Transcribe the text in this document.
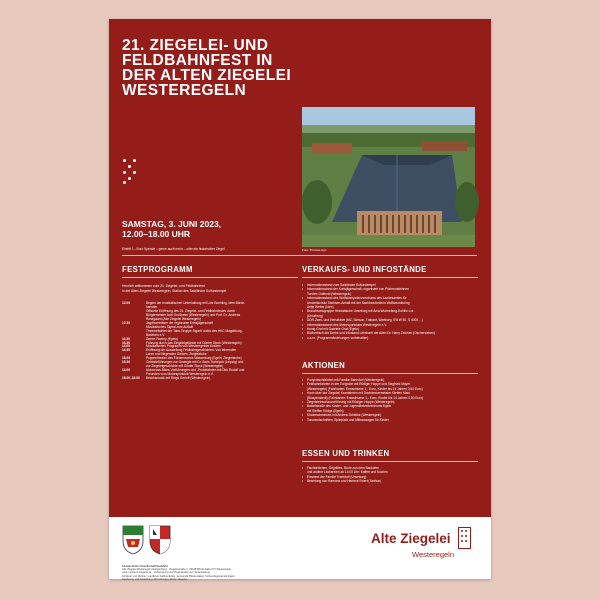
21. ZIEGELEI- UND
FELDBAHNFEST IN
DER ALTEN ZIEGELEI
WESTEREGELN
Foto: Thomas Ayn
SAMSTAG, 3. JUNI 2023,
12.00–18.00 UHR
Eintritt 1,- Euro Spende – gerne auch mehr – oder ein historischer Ziegel
FESTPROGRAMM
Herzlich willkommen zum 21. Ziegelei- und Feldbahnfest
in der Alten Ziegelei Westeregeln, Station des Salzländer Kulturstempel
12.00	Beginn der musikalischen Unterhaltung mit Lutz Boehling, dem Börde-
hanstler
Offizielle Eröffnung des 21. Ziegelei- und Feldbahnfestes durch
Bürgermeister Axel Großheim (Westeregeln) und Prof. Dr. Andreas
Rosegaard (Alte Ziegelei Westeregeln)
12.30	Jagdhornbläser der regionalen Kreisjägerschaft
Musikalisches Signal zum Auftakt
Trommelwirbel der Tabu-Gruppe Sigarb' dabis des HKC Magdeburg-
Barleben e.V.
13.30	Dance Factory (Egeln)
13.30	Führung durch das Ziegeleigelände mit Günter Stock (Westeregeln)
14.00	Musikalisches Programm von Westeregelner Kindern
14.30	Eröffnung der Ausstellung Feldbahngeschichten: Von fahrenden
Loren und fliegenden Gleisen. Ziegleistube
15.00	Puppentheater des Fördervereins Wasserburg (Egeln; Ziegleistube)
15.30	Geländeführungen zur Geologie mit Dr. Boris Tschepok (Leipzig) und
zur Ziegeleigeschichte mit Günter Stock (Westeregeln)
14.00	Motocross-Bikes-Vorführungen und -Probefahrten mit Dirk Rudolf und
Freunden vom Motorsportclub Westeregeln e.V.
16.00–18.00	Bezirksmusik mit Ringo Gerloff (Westeregeln)
VERKAUFS- UND INFOSTÄNDE
• Informationsstand zum Salzländer Kulturstempel
• Informationsstand der Kreisjägerschaft; organisiert von Pilzfreundeinnen
Torsten Gotthold (Westeregeln)
• Informationsstand des Wolfskompetenzzentrums des Landesamtes für
Umweltschutz Sachsen-Anhalt mit der Sachbearbeiterin Wolfsmonitoring
Antje Weber (Iden)
• Brauchtumsgruppe Heimatstube Unseburg mit Ania Wurmeburg-Kohlitz u.a.
(Unseburg)
• DDR-Zwei- und Viertaktner (MZ, Simson, Trabant, Wartburg, IFA W 50, S 4000 ...)
• Informationsstand des Motorsportclubs Westeregeln e.V.
• Honig-Graf mit Gabriele Graf (Egeln)
• Büchertisch der Drehs und Infostand Lehrbuch der Alten Dr. Harry Zeichen (Oschersleben)
• u.a.m. (Programmänderungen vorbehalten)
AKTIONEN
• Ponykutschfahrten mit Familie Bahndorf (Westeregeln)
• Feldbahnfahrten in der Tongrube mit Rüdiger Hoppe und Siegfried Mayer
(Westeregeln) (Fahrkarten: Erwachsene 1,- Euro, Kinder bis 14 Jahren 0,50 Euro)
• Hoch über der Ziegelei! Kranfahrten mit Dachdeckermeister Steffen Mahl
(Biospenstedt) (Fahrkarten: Erwachsene 1,- Euro, Kinder bis 14 Jahren 0,50 Euro)
• Ziegelsteinschauvorführung mit Rüdiger Hoppe (Westeregeln)
• Bastelstraße des Kinder- und Jugendfreizeitzentrums Egeln
mit Steffen Kürtge (Egeln)
• Kinderschminken mit Andrea Schielke (Westeregeln)
• Tonwandschnitten, Spielplatz und Mitbauwagen für Kinder
ESSEN UND TRINKEN
• Fischbrötchen, Gegrilltes, Brote aus dem Backofen
und andere Leckereien ab 14.00 Uhr: Kaffee und Kuchen
• Eisstand der Familie Trantdorf (Unseburg)
• Bewirtung von Ramona und Hartmut Ewert (Tarthun)
Soziale Aktion Gesellschaft Bodefeld
Alte Ziegelei Westeregeln Heiligenberg · Ziegeleistraße 3, 39448 Börde-Hakel OT Westeregeln
www.museum-ziegelei.de · Vorbereitung und Organisation der Veranstaltung
Förderer und Partner: Landkreis Salzlandkreis, Gemeinde Börde-Hakel, Verbandsgemeinde Egeln
Zeichnung und Gestaltung: Pixel Design, Druck: Ziegelei
Alte Ziegelei
Westeregeln
